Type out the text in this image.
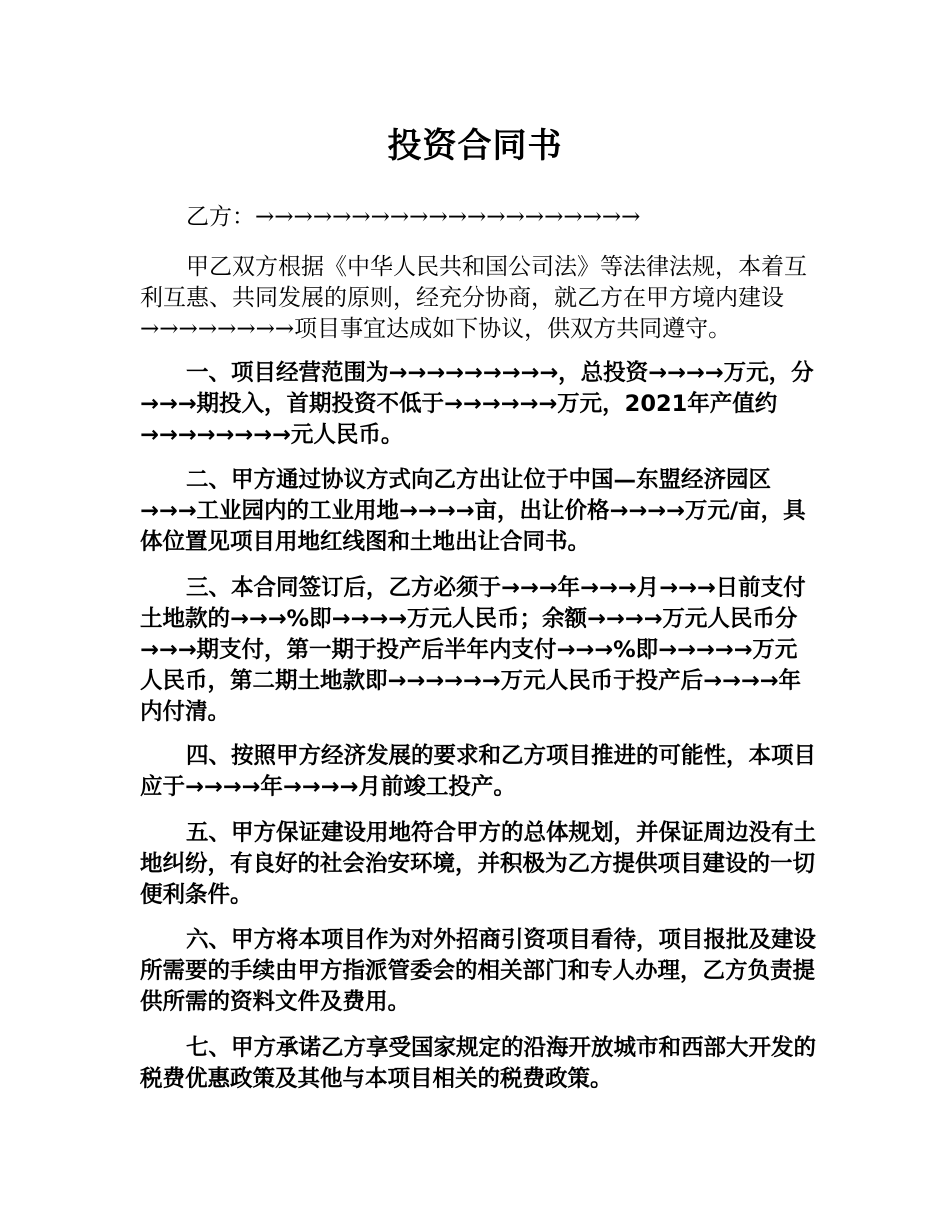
投资合同书
乙方：→→→→→→→→→→→→→→→→→→→→
甲乙双方根据《中华人民共和国公司法》等法律法规，本着互利互惠、共同发展的原则，经充分协商，就乙方在甲方境内建设→→→→→→→→项目事宜达成如下协议，供双方共同遵守。
一、项目经营范围为→→→→→→→→→，总投资→→→→万元，分→→→期投入，首期投资不低于→→→→→→万元，2021年产值约→→→→→→→→元人民币。
二、甲方通过协议方式向乙方出让位于中国—东盟经济园区→→→工业园内的工业用地→→→→亩，出让价格→→→→万元/亩，具体位置见项目用地红线图和土地出让合同书。
三、本合同签订后，乙方必须于→→→年→→→月→→→日前支付土地款的→→→%即→→→→万元人民币；余额→→→→万元人民币分→→→期支付，第一期于投产后半年内支付→→→%即→→→→→万元人民币，第二期土地款即→→→→→→万元人民币于投产后→→→→年内付清。
四、按照甲方经济发展的要求和乙方项目推进的可能性，本项目应于→→→→年→→→→月前竣工投产。
五、甲方保证建设用地符合甲方的总体规划，并保证周边没有土地纠纷，有良好的社会治安环境，并积极为乙方提供项目建设的一切便利条件。
六、甲方将本项目作为对外招商引资项目看待，项目报批及建设所需要的手续由甲方指派管委会的相关部门和专人办理，乙方负责提供所需的资料文件及费用。
七、甲方承诺乙方享受国家规定的沿海开放城市和西部大开发的税费优惠政策及其他与本项目相关的税费政策。
